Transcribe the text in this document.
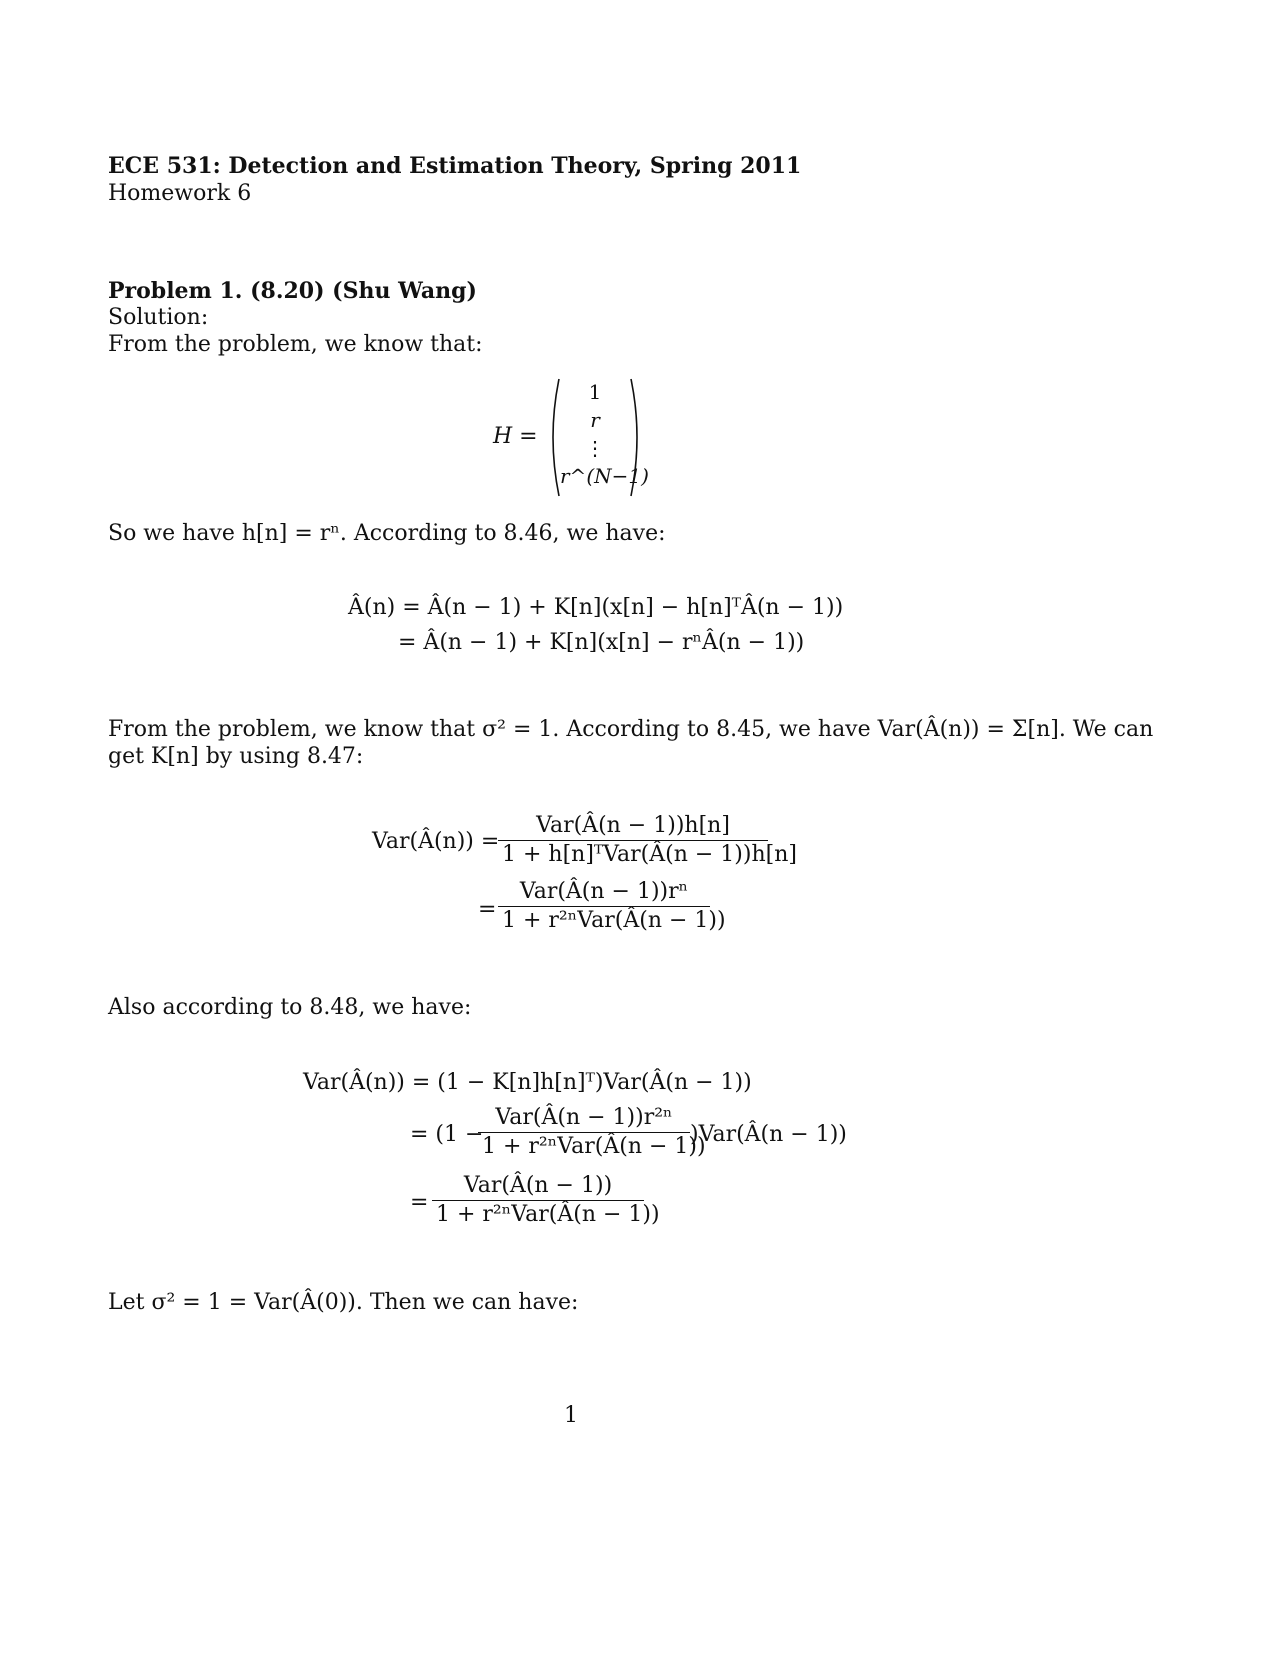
ECE 531: Detection and Estimation Theory, Spring 2011
Homework 6
Problem 1. (8.20) (Shu Wang)
Solution:
From the problem, we know that:
H =
1
r
⋮
r^(N−1)
So we have h[n] = rⁿ. According to 8.46, we have:
Â(n) = Â(n − 1) + K[n](x[n] − h[n]ᵀÂ(n − 1))
= Â(n − 1) + K[n](x[n] − rⁿÂ(n − 1))
From the problem, we know that σ² = 1. According to 8.45, we have Var(Â(n)) = Σ[n]. We can
get K[n] by using 8.47:
Var(Â(n)) =
$\frac{\text{Var(Â(n − 1))h[n]}}{\text{1 + h[n]ᵀVar(Â(n − 1))h[n]}}$
= $\frac{\text{Var(Â(n − 1))rⁿ}}{\text{1 + r²ⁿVar(Â(n − 1))}}$
Also according to 8.48, we have:
Var(Â(n)) = (1 − K[n]h[n]ᵀ)Var(Â(n − 1))
= (1 −
$\frac{\text{Var(Â(n − 1))r²ⁿ}}{\text{1 + r²ⁿVar(Â(n − 1))}}$ )Var(Â(n − 1))
= $\frac{\text{Var(Â(n − 1))}}{\text{1 + r²ⁿVar(Â(n − 1))}}$
Let σ² = 1 = Var(Â(0)). Then we can have:
1
